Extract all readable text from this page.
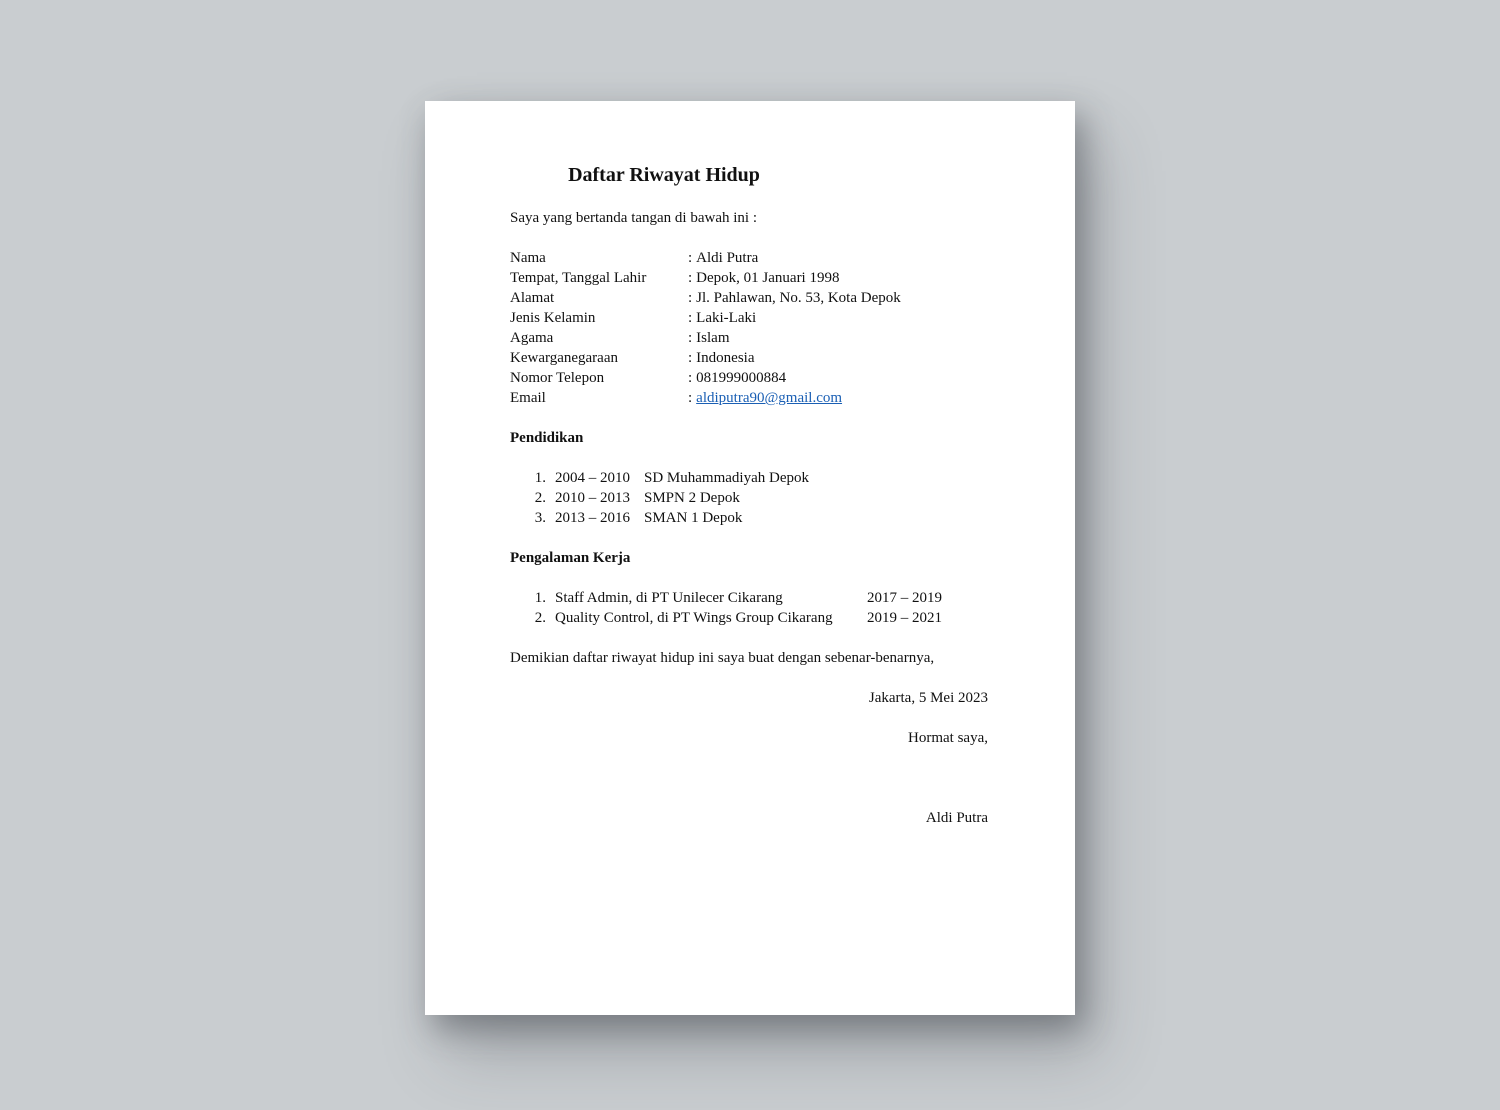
Daftar Riwayat Hidup
Saya yang bertanda tangan di bawah ini :
Nama	: Aldi Putra
Tempat, Tanggal Lahir	: Depok, 01 Januari 1998
Alamat	: Jl. Pahlawan, No. 53, Kota Depok
Jenis Kelamin	: Laki-Laki
Agama	: Islam
Kewarganegaraan	: Indonesia
Nomor Telepon	: 081999000884
Email	: aldiputra90@gmail.com
Pendidikan
1. 2004 – 2010 SD Muhammadiyah Depok
2. 2010 – 2013 SMPN 2 Depok
3. 2013 – 2016 SMAN 1 Depok
Pengalaman Kerja
1. Staff Admin, di PT Unilecer Cikarang	2017 – 2019
2. Quality Control, di PT Wings Group Cikarang 2019 – 2021
Demikian daftar riwayat hidup ini saya buat dengan sebenar-benarnya,
Jakarta, 5 Mei 2023
Hormat saya,
Aldi Putra
